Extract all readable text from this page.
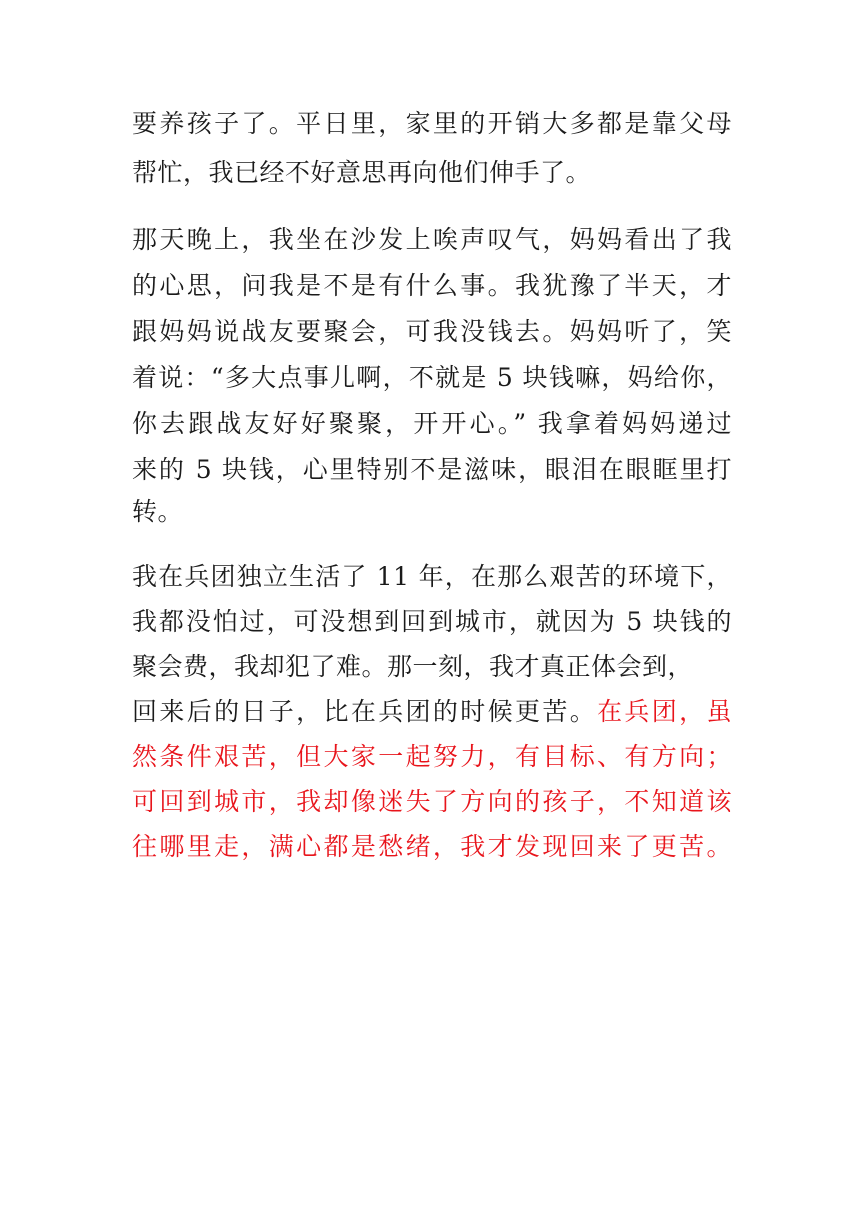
要养孩子了。平日里，家里的开销大多都是靠父母
帮忙，我已经不好意思再向他们伸手了。
那天晚上，我坐在沙发上唉声叹气，妈妈看出了我
的心思，问我是不是有什么事。我犹豫了半天，才
跟妈妈说战友要聚会，可我没钱去。妈妈听了，笑
着说：“多大点事儿啊，不就是 5 块钱嘛，妈给你，
你去跟战友好好聚聚，开开心。” 我拿着妈妈递过
来的 5 块钱，心里特别不是滋味，眼泪在眼眶里打
转。
我在兵团独立生活了 11 年，在那么艰苦的环境下，
我都没怕过，可没想到回到城市，就因为 5 块钱的
聚会费，我却犯了难。那一刻，我才真正体会到，
回来后的日子，比在兵团的时候更苦。在兵团，虽
然条件艰苦，但大家一起努力，有目标、有方向；
可回到城市，我却像迷失了方向的孩子，不知道该
往哪里走，满心都是愁绪，我才发现回来了更苦。
